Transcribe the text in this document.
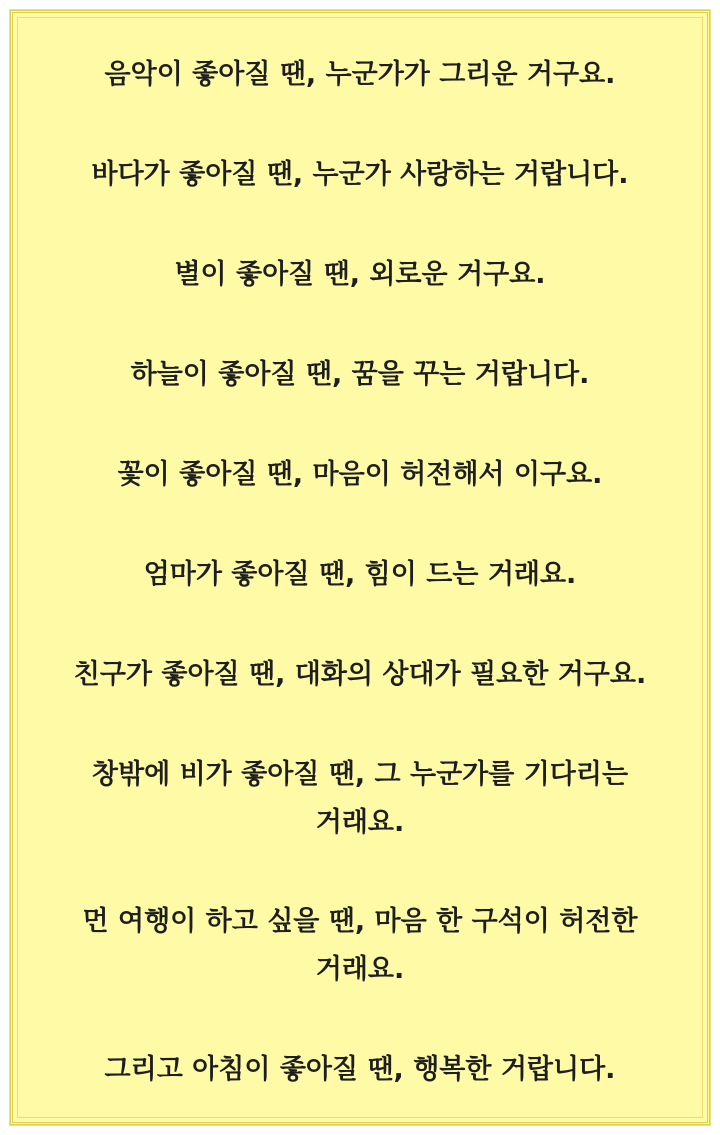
음악이 좋아질 땐, 누군가가 그리운 거구요.
바다가 좋아질 땐, 누군가 사랑하는 거랍니다.
별이 좋아질 땐, 외로운 거구요.
하늘이 좋아질 땐, 꿈을 꾸는 거랍니다.
꽃이 좋아질 땐, 마음이 허전해서 이구요.
엄마가 좋아질 땐, 힘이 드는 거래요.
친구가 좋아질 땐, 대화의 상대가 필요한 거구요.
창밖에 비가 좋아질 땐, 그 누군가를 기다리는 거래요.
먼 여행이 하고 싶을 땐, 마음 한 구석이 허전한 거래요.
그리고 아침이 좋아질 땐, 행복한 거랍니다.
